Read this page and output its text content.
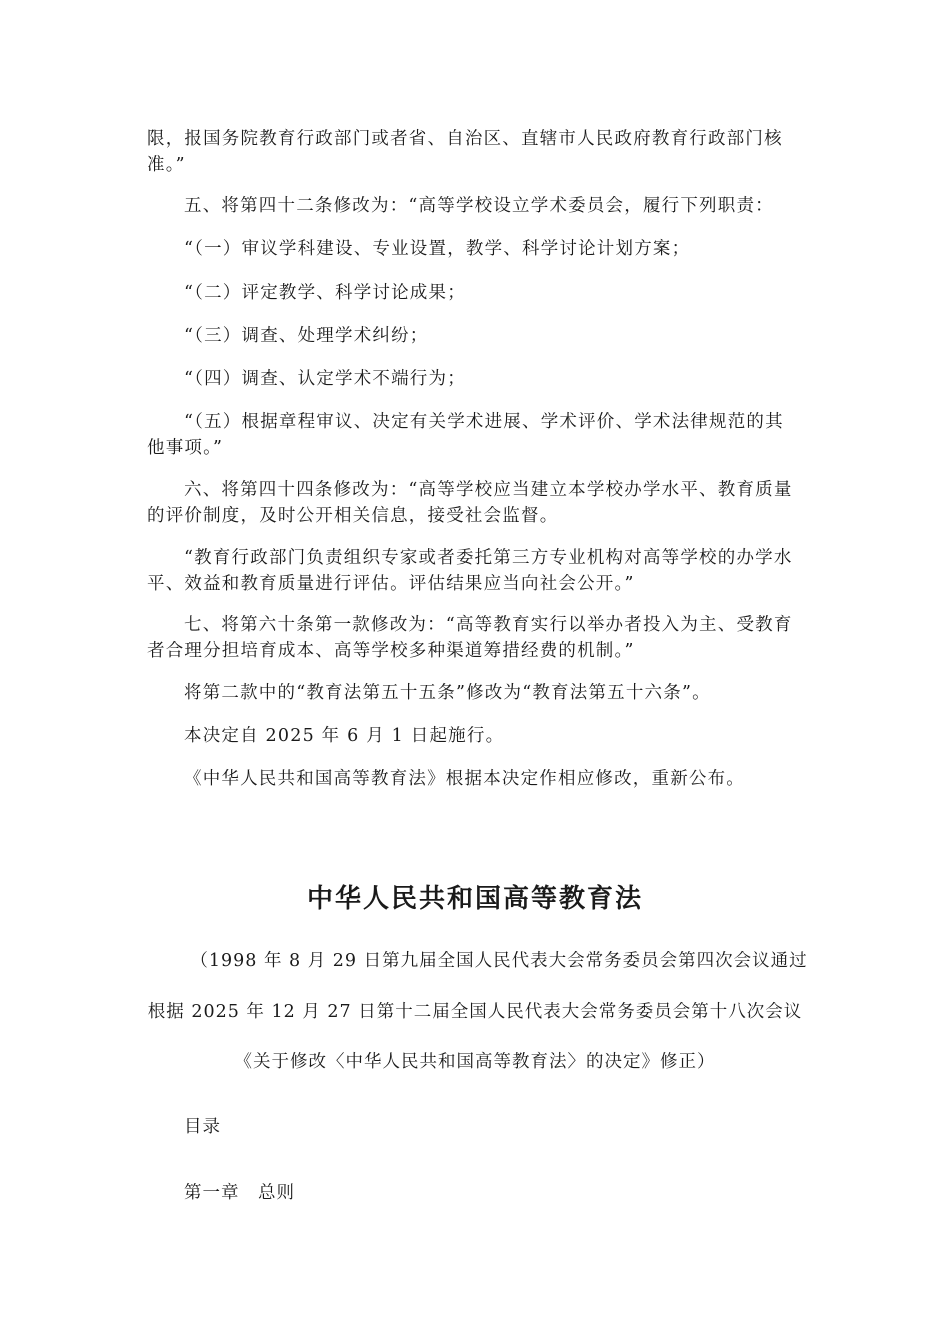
限，报国务院教育行政部门或者省、自治区、直辖市人民政府教育行政部门核准。”

五、将第四十二条修改为：“高等学校设立学术委员会，履行下列职责：

“（一）审议学科建设、专业设置，教学、科学讨论计划方案；

“（二）评定教学、科学讨论成果；

“（三）调查、处理学术纠纷；

“（四）调查、认定学术不端行为；

“（五）根据章程审议、决定有关学术进展、学术评价、学术法律规范的其他事项。”

六、将第四十四条修改为：“高等学校应当建立本学校办学水平、教育质量的评价制度，及时公开相关信息，接受社会监督。

“教育行政部门负责组织专家或者委托第三方专业机构对高等学校的办学水平、效益和教育质量进行评估。评估结果应当向社会公开。”

七、将第六十条第一款修改为：“高等教育实行以举办者投入为主、受教育者合理分担培育成本、高等学校多种渠道筹措经费的机制。”

将第二款中的“教育法第五十五条”修改为“教育法第五十六条”。

本决定自 2025 年 6 月 1 日起施行。

《中华人民共和国高等教育法》根据本决定作相应修改，重新公布。

中华人民共和国高等教育法

（1998 年 8 月 29 日第九届全国人民代表大会常务委员会第四次会议通过

根据 2025 年 12 月 27 日第十二届全国人民代表大会常务委员会第十八次会议

《关于修改〈中华人民共和国高等教育法〉的决定》修正）

目录

第一章　总则
